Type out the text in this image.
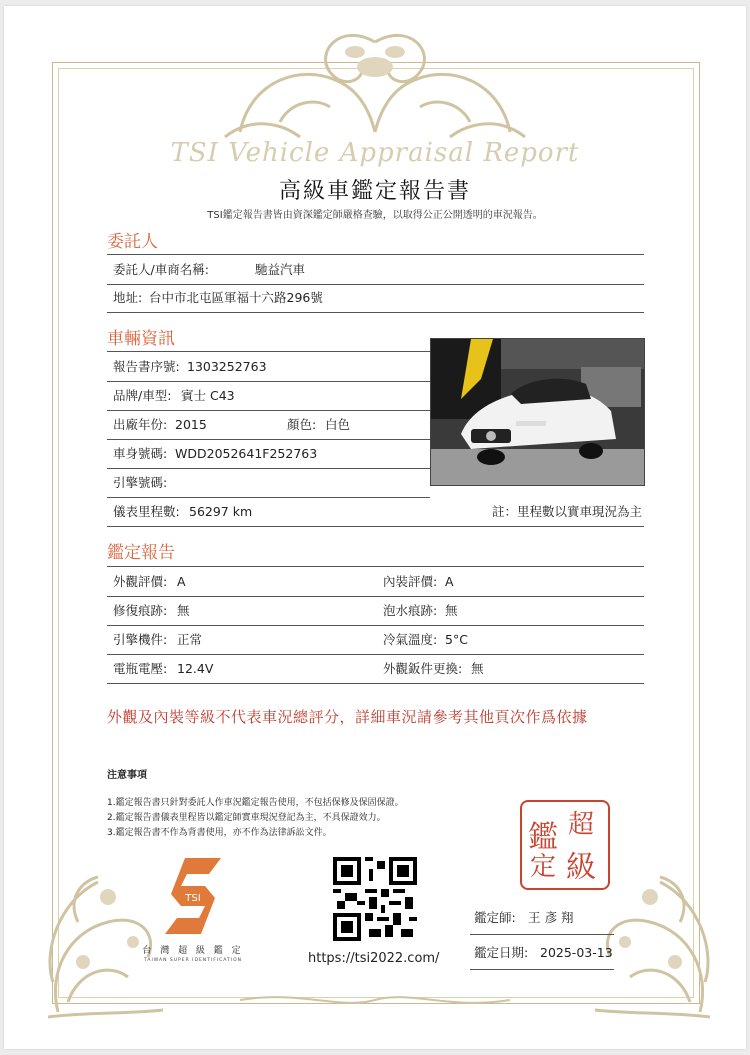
TSI Vehicle Appraisal Report
高級車鑑定報告書
TSI鑑定報告書皆由資深鑑定師嚴格查驗，以取得公正公開透明的車況報告。
委託人
委託人/車商名稱:	馳益汽車
地址: 台中市北屯區軍福十六路296號
車輛資訊
報告書序號: 1303252763
品牌/車型: 賓士 C43
出廠年份: 2015	顏色: 白色
車身號碼: WDD2052641F252763
引擎號碼:
儀表里程數: 56297 km	註：里程數以實車現況為主
鑑定報告
外觀評價: A	內裝評價: A
修復痕跡: 無	泡水痕跡: 無
引擎機件: 正常	冷氣溫度: 5°C
電瓶電壓: 12.4V	外觀鈑件更換: 無
外觀及內裝等級不代表車況總評分，詳細車況請參考其他頁次作爲依據
注意事項
1.鑑定報告書只針對委託人作車況鑑定報告使用，不包括保修及保固保證。
2.鑑定報告書儀表里程皆以鑑定師實車現況登記為主，不具保證效力。
3.鑑定報告書不作為背書使用，亦不作為法律訴訟文件。	鑑 超
定 級
TSI
台 灣 超 級 鑑 定
TAIWAN SUPER IDENTIFICATION	https://tsi2022.com/
鑑定師: 王 彥 翔
鑑定日期: 2025-03-13
